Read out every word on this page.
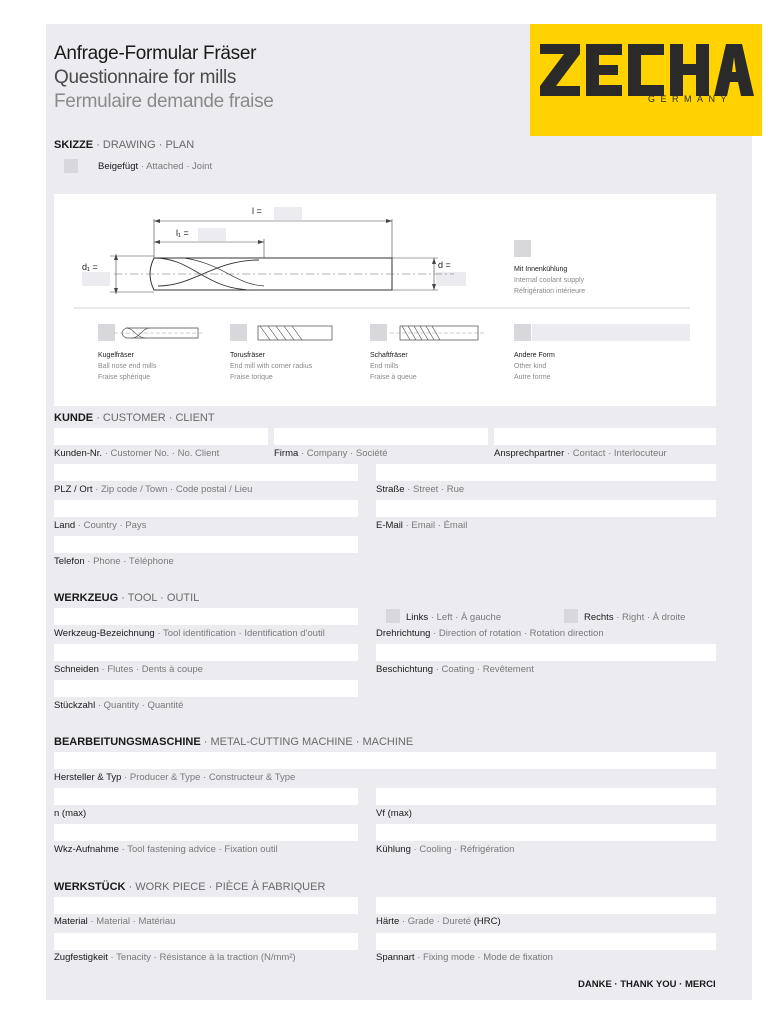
Anfrage-Formular Fräser
Questionnaire for mills
Fermulaire demande fraise	GERMANY
SKIZZE · DRAWING · PLAN
Beigefügt · Attached · Joint
l =
l₁ =
d₁ =	d =	Mit Innenkühlung
Internal coolant supply
Réfrigération intérieure
Kugelfräser
Ball nose end mills
Fraise sphérique
Torusfräser
End mill with corner radius
Fraise torique
Schaftfräser
End mills
Fraise à queue
Andere Form
Other kind
Autre forme
KUNDE · CUSTOMER · CLIENT
Kunden-Nr. · Customer No. · No. Client	Firma · Company · Société	Ansprechpartner · Contact · Interlocuteur
PLZ / Ort · Zip code / Town · Code postal / Lieu	Straße · Street · Rue
Land · Country · Pays	E-Mail · Email · Émail
Telefon · Phone · Téléphone
WERKZEUG · TOOL · OUTIL
Links · Left · À gauche	Rechts · Right · À droite
Werkzeug-Bezeichnung · Tool identification · Identification d'outil	Drehrichtung · Direction of rotation · Rotation direction
Schneiden · Flutes · Dents à coupe	Beschichtung · Coating · Revêtement
Stückzahl · Quantity · Quantité
BEARBEITUNGSMASCHINE · METAL-CUTTING MACHINE · MACHINE
Hersteller & Typ · Producer & Type · Constructeur & Type
n (max)	Vf (max)
Wkz-Aufnahme · Tool fastening advice · Fixation outil	Kühlung · Cooling · Réfrigération
WERKSTÜCK · WORK PIECE · PIÈCE À FABRIQUER
Material · Material · Matériau	Härte · Grade · Dureté (HRC)
Zugfestigkeit · Tenacity · Résistance à la traction (N/mm²)	Spannart · Fixing mode · Mode de fixation
DANKE · THANK YOU · MERCI
